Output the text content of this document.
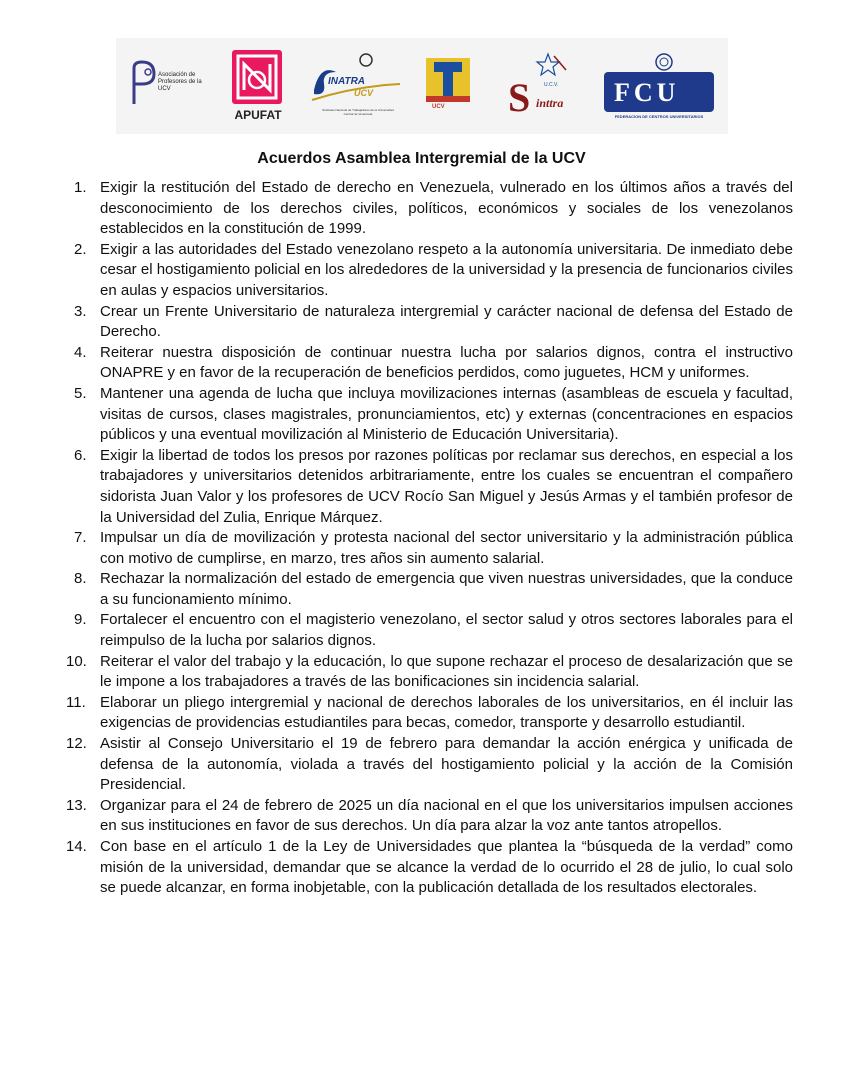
Asociación de
Profesores de la
UCV
APUFAT
INATRA
UCV
Sindicato Nacional de Trabajadores de la Universidad Central de Venezuela
UCV S	U.C.V.
inttra FCU
FEDERACION DE CENTROS UNIVERSITARIOS
Acuerdos Asamblea Intergremial de la UCV
1. Exigir la restitución del Estado de derecho en Venezuela, vulnerado en los últimos años a través del desconocimiento de los derechos civiles, políticos, económicos y sociales de los venezolanos establecidos en la constitución de 1999.
2. Exigir a las autoridades del Estado venezolano respeto a la autonomía universitaria. De inmediato debe cesar el hostigamiento policial en los alrededores de la universidad y la presencia de funcionarios civiles en aulas y espacios universitarios.
3. Crear un Frente Universitario de naturaleza intergremial y carácter nacional de defensa del Estado de Derecho.
4. Reiterar nuestra disposición de continuar nuestra lucha por salarios dignos, contra el instructivo ONAPRE y en favor de la recuperación de beneficios perdidos, como juguetes, HCM y uniformes.
5. Mantener una agenda de lucha que incluya movilizaciones internas (asambleas de escuela y facultad, visitas de cursos, clases magistrales, pronunciamientos, etc) y externas (concentraciones en espacios públicos y una eventual movilización al Ministerio de Educación Universitaria).
6. Exigir la libertad de todos los presos por razones políticas por reclamar sus derechos, en especial a los trabajadores y universitarios detenidos arbitrariamente, entre los cuales se encuentran el compañero sidorista Juan Valor y los profesores de UCV Rocío San Miguel y Jesús Armas y el también profesor de la Universidad del Zulia, Enrique Márquez.
7. Impulsar un día de movilización y protesta nacional del sector universitario y la administración pública con motivo de cumplirse, en marzo, tres años sin aumento salarial.
8. Rechazar la normalización del estado de emergencia que viven nuestras universidades, que la conduce a su funcionamiento mínimo.
9. Fortalecer el encuentro con el magisterio venezolano, el sector salud y otros sectores laborales para el reimpulso de la lucha por salarios dignos.
10. Reiterar el valor del trabajo y la educación, lo que supone rechazar el proceso de desalarización que se le impone a los trabajadores a través de las bonificaciones sin incidencia salarial.
11. Elaborar un pliego intergremial y nacional de derechos laborales de los universitarios, en él incluir las exigencias de providencias estudiantiles para becas, comedor, transporte y desarrollo estudiantil.
12. Asistir al Consejo Universitario el 19 de febrero para demandar la acción enérgica y unificada de defensa de la autonomía, violada a través del hostigamiento policial y la acción de la Comisión Presidencial.
13. Organizar para el 24 de febrero de 2025 un día nacional en el que los universitarios impulsen acciones en sus instituciones en favor de sus derechos. Un día para alzar la voz ante tantos atropellos.
14. Con base en el artículo 1 de la Ley de Universidades que plantea la “búsqueda de la verdad” como misión de la universidad, demandar que se alcance la verdad de lo ocurrido el 28 de julio, lo cual solo se puede alcanzar, en forma inobjetable, con la publicación detallada de los resultados electorales.
